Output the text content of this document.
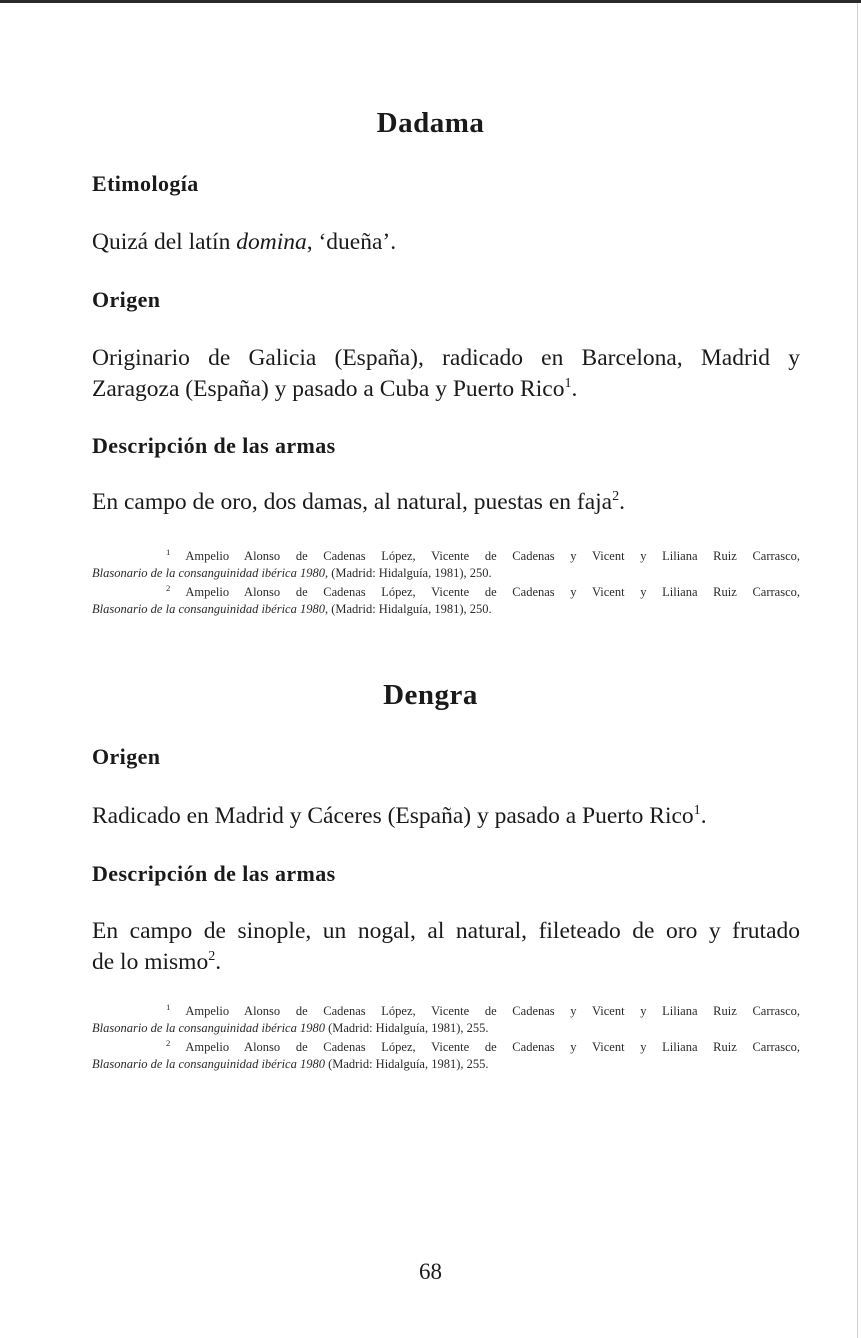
Dadama
Etimología

Quizá del latín domina, ‘dueña’.

Origen

Originario de Galicia (España), radicado en Barcelona, Madrid y
Zaragoza (España) y pasado a Cuba y Puerto Rico$^1$.

Descripción de las armas

En campo de oro, dos damas, al natural, puestas en faja$^2$.

$^1$ Ampelio Alonso de Cadenas López, Vicente de Cadenas y Vicent y Liliana Ruiz Carrasco,
Blasonario de la consanguinidad ibérica 1980, (Madrid: Hidalguía, 1981), 250.
$^2$ Ampelio Alonso de Cadenas López, Vicente de Cadenas y Vicent y Liliana Ruiz Carrasco,
Blasonario de la consanguinidad ibérica 1980, (Madrid: Hidalguía, 1981), 250.
Dengra
Origen

Radicado en Madrid y Cáceres (España) y pasado a Puerto Rico$^1$.

Descripción de las armas

En campo de sinople, un nogal, al natural, fileteado de oro y frutado
de lo mismo$^2$.

$^1$ Ampelio Alonso de Cadenas López, Vicente de Cadenas y Vicent y Liliana Ruiz Carrasco,
Blasonario de la consanguinidad ibérica 1980 (Madrid: Hidalguía, 1981), 255.
$^2$ Ampelio Alonso de Cadenas López, Vicente de Cadenas y Vicent y Liliana Ruiz Carrasco,
Blasonario de la consanguinidad ibérica 1980 (Madrid: Hidalguía, 1981), 255.

68
